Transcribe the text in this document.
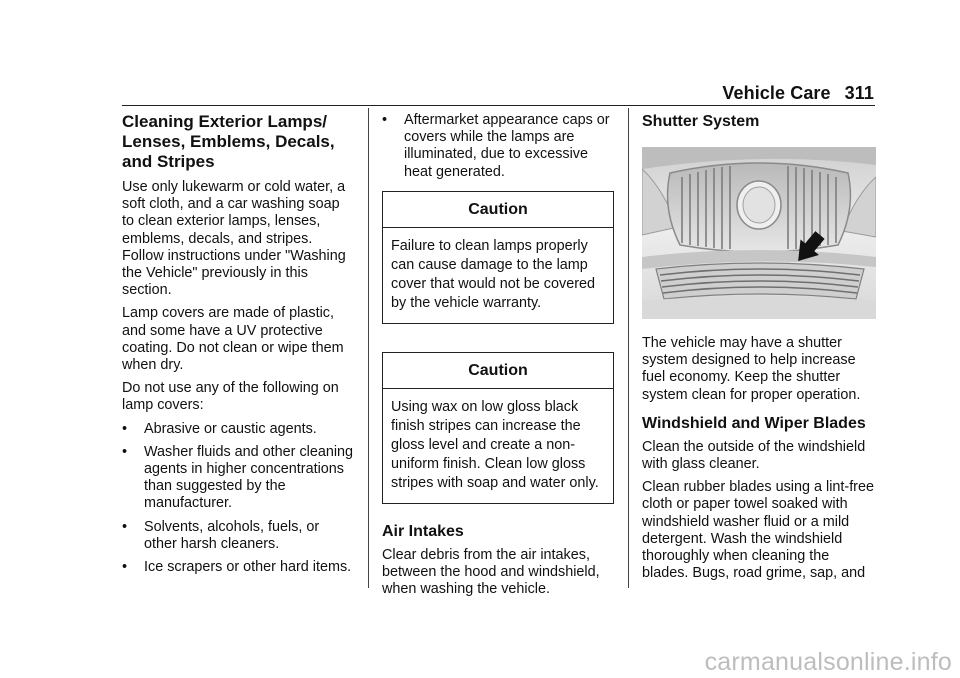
Vehicle Care 311
Cleaning Exterior Lamps/ Lenses, Emblems, Decals, and Stripes

Use only lukewarm or cold water, a soft cloth, and a car washing soap to clean exterior lamps, lenses, emblems, decals, and stripes. Follow instructions under "Washing the Vehicle" previously in this section.

Lamp covers are made of plastic, and some have a UV protective coating. Do not clean or wipe them when dry.

Do not use any of the following on lamp covers:

•	Abrasive or caustic agents.
•	Washer fluids and other cleaning agents in higher concentrations than suggested by the manufacturer.
•	Solvents, alcohols, fuels, or other harsh cleaners.
•	Ice scrapers or other hard items.
•	Aftermarket appearance caps or covers while the lamps are illuminated, due to excessive heat generated.
Caution
Failure to clean lamps properly can cause damage to the lamp cover that would not be covered by the vehicle warranty.
Caution
Using wax on low gloss black finish stripes can increase the gloss level and create a non-uniform finish. Clean low gloss stripes with soap and water only.
Air Intakes

Clear debris from the air intakes, between the hood and windshield, when washing the vehicle.

Shutter System

The vehicle may have a shutter system designed to help increase fuel economy. Keep the shutter system clean for proper operation.

Windshield and Wiper Blades

Clean the outside of the windshield with glass cleaner.

Clean rubber blades using a lint-free cloth or paper towel soaked with windshield washer fluid or a mild detergent. Wash the windshield thoroughly when cleaning the blades. Bugs, road grime, sap, and

carmanualsonline.info
